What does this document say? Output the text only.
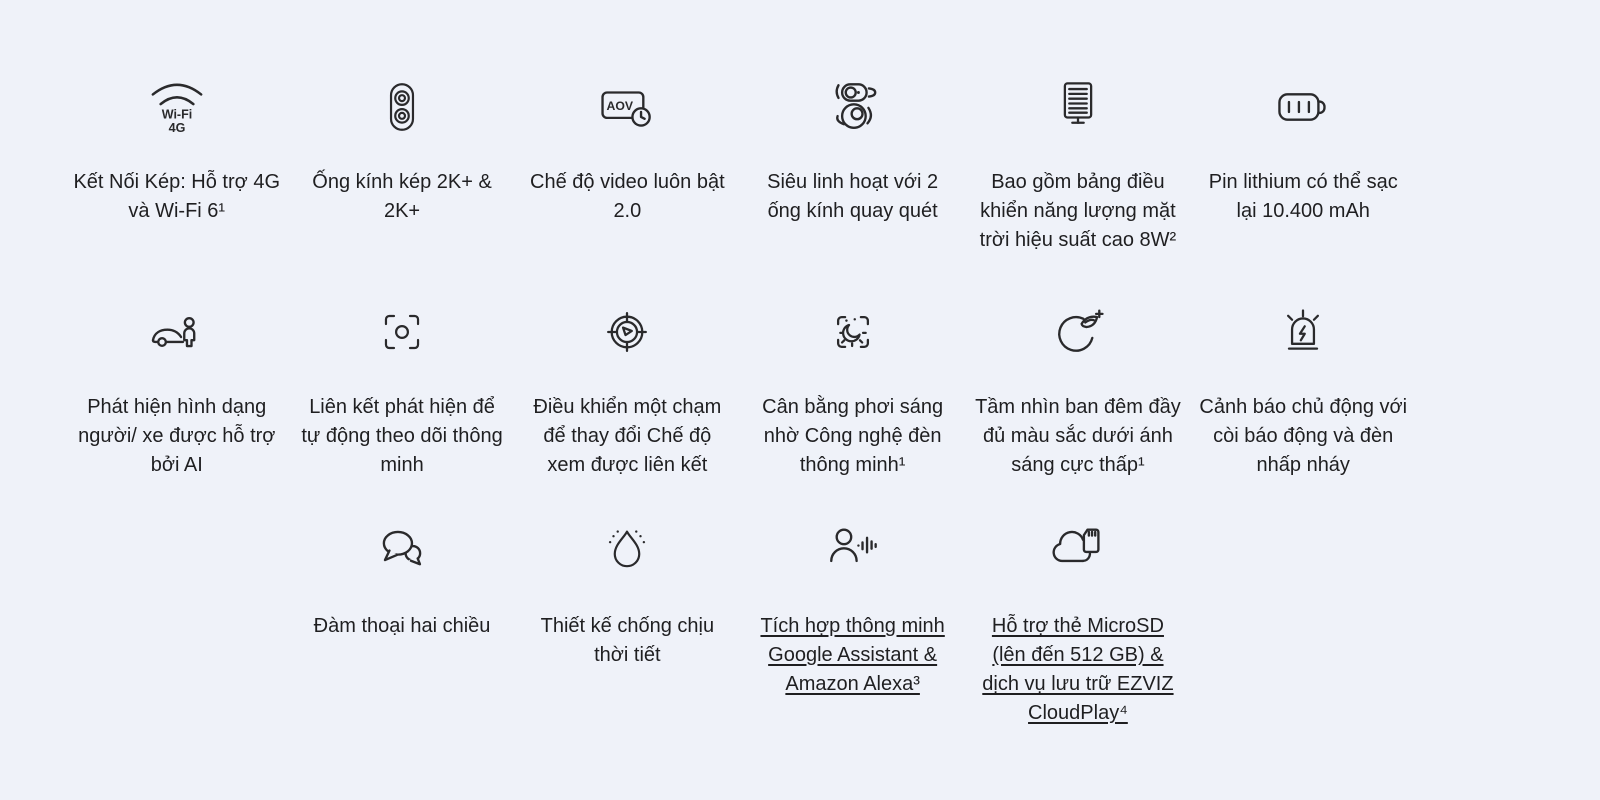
Wi-Fi
4G

Kết Nối Kép: Hỗ trợ 4G và Wi-Fi 6¹

Ống kính kép 2K+ & 2K+

AOV

Chế độ video luôn bật 2.0

Siêu linh hoạt với 2 ống kính quay quét

Bao gồm bảng điều khiển năng lượng mặt trời hiệu suất cao 8W²

Pin lithium có thể sạc lại 10.400 mAh

Phát hiện hình dạng người/ xe được hỗ trợ bởi AI

Liên kết phát hiện để tự động theo dõi thông minh

Điều khiển một chạm để thay đổi Chế độ xem được liên kết

Cân bằng phơi sáng nhờ Công nghệ đèn thông minh¹

Tầm nhìn ban đêm đầy đủ màu sắc dưới ánh sáng cực thấp¹

Cảnh báo chủ động với còi báo động và đèn nhấp nháy

Đàm thoại hai chiều	Thiết kế chống chịu thời tiết

Tích hợp thông minh Google Assistant & Amazon Alexa³
Hỗ trợ thẻ MicroSD (lên đến 512 GB) & dịch vụ lưu trữ EZVIZ CloudPlay⁴
